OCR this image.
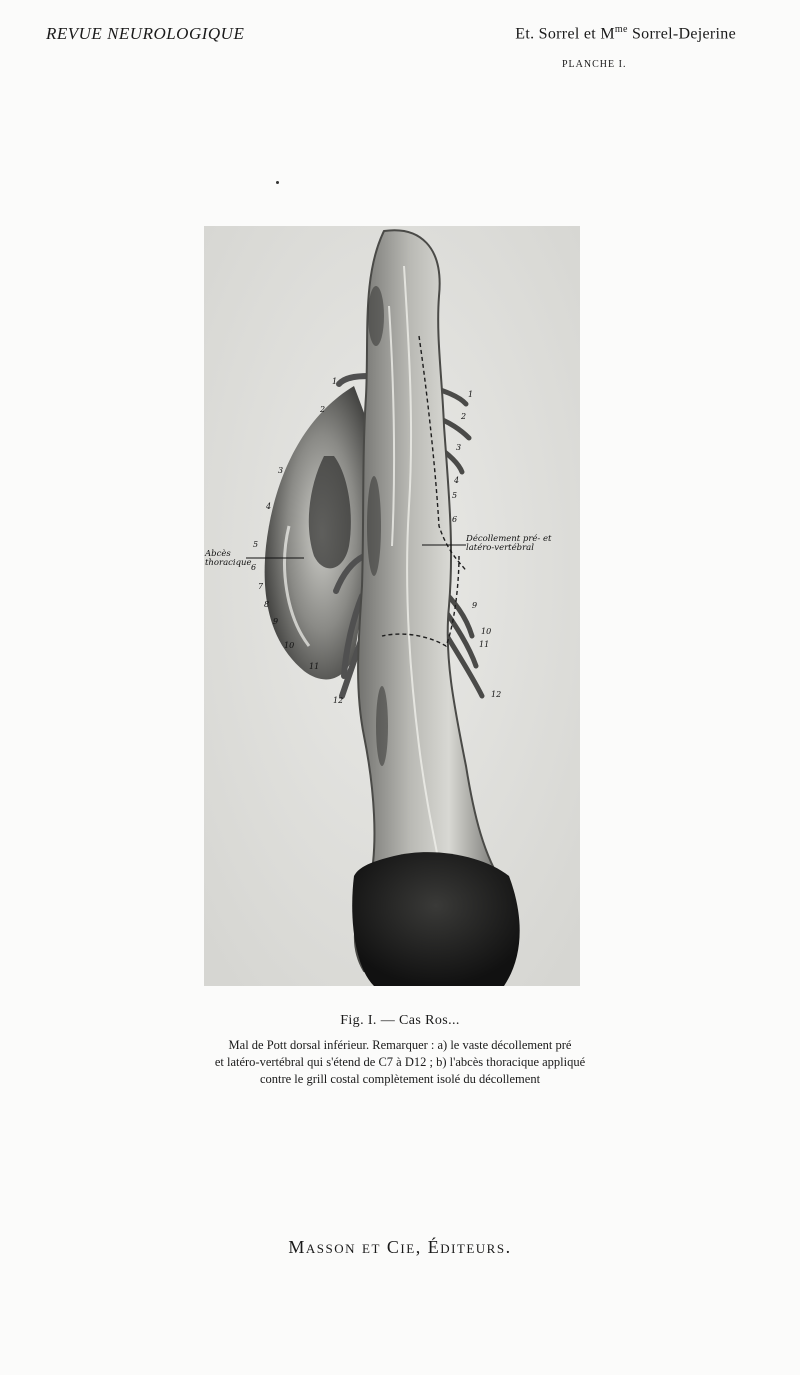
REVUE NEUROLOGIQUE	Et. Sorrel et $M^{me}$ Sorrel-Dejerine
PLANCHE I.
Abcès thoracique
Décollement pré- et latéro-vertébral
1
2
3
4
5
6
7
8
9
10
11
12
1
2
3
4
5
6
9
10
11
12
Fig. I. — Cas Ros...
Mal de Pott dorsal inférieur. Remarquer : a) le vaste décollement pré
et latéro-vertébral qui s'étend de C7 à D12 ; b) l'abcès thoracique appliqué
contre le grill costal complètement isolé du décollement
Masson et Cie, Éditeurs.
